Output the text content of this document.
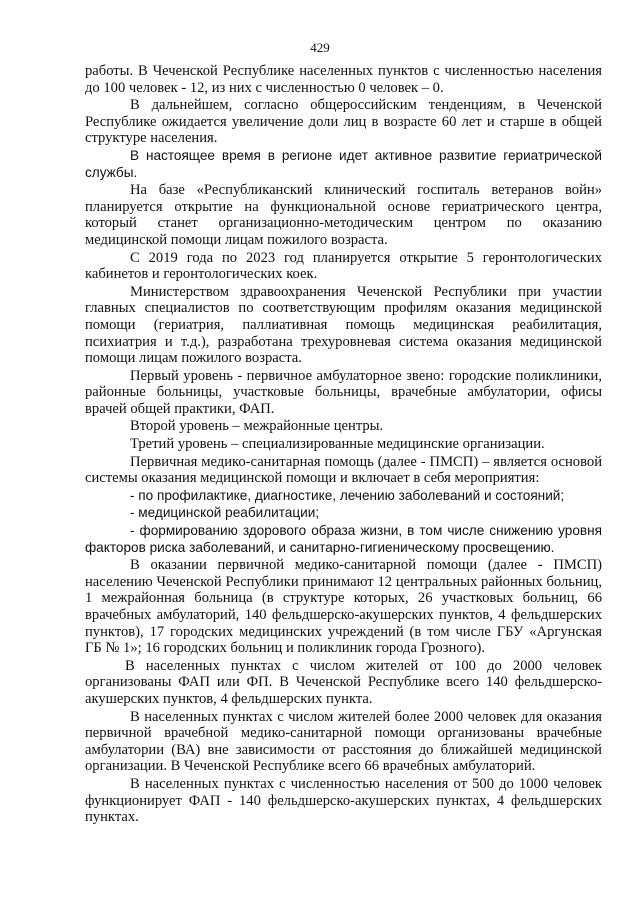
429

работы. В Чеченской Республике населенных пунктов с численностью населения до 100 человек - 12, из них с численностью 0 человек – 0.

В дальнейшем, согласно общероссийским тенденциям, в Чеченской Республике ожидается увеличение доли лиц в возрасте 60 лет и старше в общей структуре населения.

В настоящее время в регионе идет активное развитие гериатрической службы.

На базе «Республиканский клинический госпиталь ветеранов войн» планируется открытие на функциональной основе гериатрического центра, который станет организационно-методическим центром по оказанию медицинской помощи лицам пожилого возраста.

С 2019 года по 2023 год планируется открытие 5 геронтологических кабинетов и геронтологических коек.

Министерством здравоохранения Чеченской Республики при участии главных специалистов по соответствующим профилям оказания медицинской помощи (гериатрия, паллиативная помощь медицинская реабилитация, психиатрия и т.д.), разработана трехуровневая система оказания медицинской помощи лицам пожилого возраста.

Первый уровень - первичное амбулаторное звено: городские поликлиники, районные больницы, участковые больницы, врачебные амбулатории, офисы врачей общей практики, ФАП.

Второй уровень – межрайонные центры.

Третий уровень – специализированные медицинские организации.

Первичная медико-санитарная помощь (далее - ПМСП) – является основой системы оказания медицинской помощи и включает в себя мероприятия:

- по профилактике, диагностике, лечению заболеваний и состояний;

- медицинской реабилитации;

- формированию здорового образа жизни, в том числе снижению уровня факторов риска заболеваний, и санитарно-гигиеническому просвещению.

В оказании первичной медико-санитарной помощи (далее - ПМСП) населению Чеченской Республики принимают 12 центральных районных больниц, 1 межрайонная больница (в структуре которых, 26 участковых больниц, 66 врачебных амбулаторий, 140 фельдшерско-акушерских пунктов, 4 фельдшерских пунктов), 17 городских медицинских учреждений (в том числе ГБУ «Аргунская ГБ № 1»; 16 городских больниц и поликлиник города Грозного).

В населенных пунктах с числом жителей от 100 до 2000 человек организованы ФАП или ФП. В Чеченской Республике всего 140 фельдшерско-акушерских пунктов, 4 фельдшерских пункта.

В населенных пунктах с числом жителей более 2000 человек для оказания первичной врачебной медико-санитарной помощи организованы врачебные амбулатории (ВА) вне зависимости от расстояния до ближайшей медицинской организации. В Чеченской Республике всего 66 врачебных амбулаторий.

В населенных пунктах с численностью населения от 500 до 1000 человек функционирует ФАП - 140 фельдшерско-акушерских пунктах, 4 фельдшерских пунктах.
